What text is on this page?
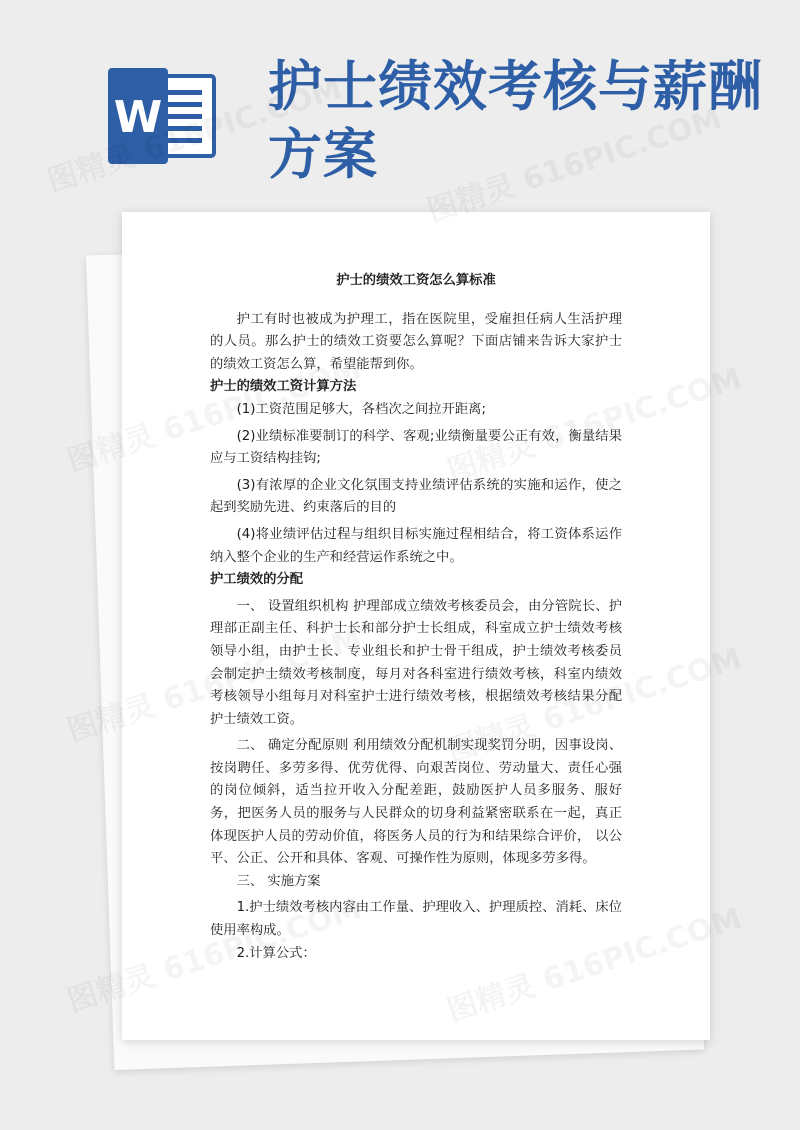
W 护士绩效考核与薪酬方案

护士的绩效工资怎么算标准

护工有时也被成为护理工，指在医院里，受雇担任病人生活护理的人员。那么护士的绩效工资要怎么算呢？下面店铺来告诉大家护士的绩效工资怎么算，希望能帮到你。

护士的绩效工资计算方法

(1)工资范围足够大，各档次之间拉开距离;

(2)业绩标准要制订的科学、客观;业绩衡量要公正有效，衡量结果应与工资结构挂钩;

(3)有浓厚的企业文化氛围支持业绩评估系统的实施和运作，使之起到奖励先进、约束落后的目的

(4)将业绩评估过程与组织目标实施过程相结合，将工资体系运作纳入整个企业的生产和经营运作系统之中。

护工绩效的分配

一、 设置组织机构 护理部成立绩效考核委员会，由分管院长、护理部正副主任、科护士长和部分护士长组成，科室成立护士绩效考核领导小组，由护士长、专业组长和护士骨干组成，护士绩效考核委员会制定护士绩效考核制度，每月对各科室进行绩效考核，科室内绩效考核领导小组每月对科室护士进行绩效考核，根据绩效考核结果分配护士绩效工资。

二、 确定分配原则 利用绩效分配机制实现奖罚分明，因事设岗、按岗聘任、多劳多得、优劳优得、向艰苦岗位、劳动量大、责任心强的岗位倾斜，适当拉开收入分配差距，鼓励医护人员多服务、服好务，把医务人员的服务与人民群众的切身利益紧密联系在一起，真正体现医护人员的劳动价值，将医务人员的行为和结果综合评价， 以公平、公正、公开和具体、客观、可操作性为原则，体现多劳多得。

三、 实施方案

1.护士绩效考核内容由工作量、护理收入、护理质控、消耗、床位使用率构成。

2.计算公式：
